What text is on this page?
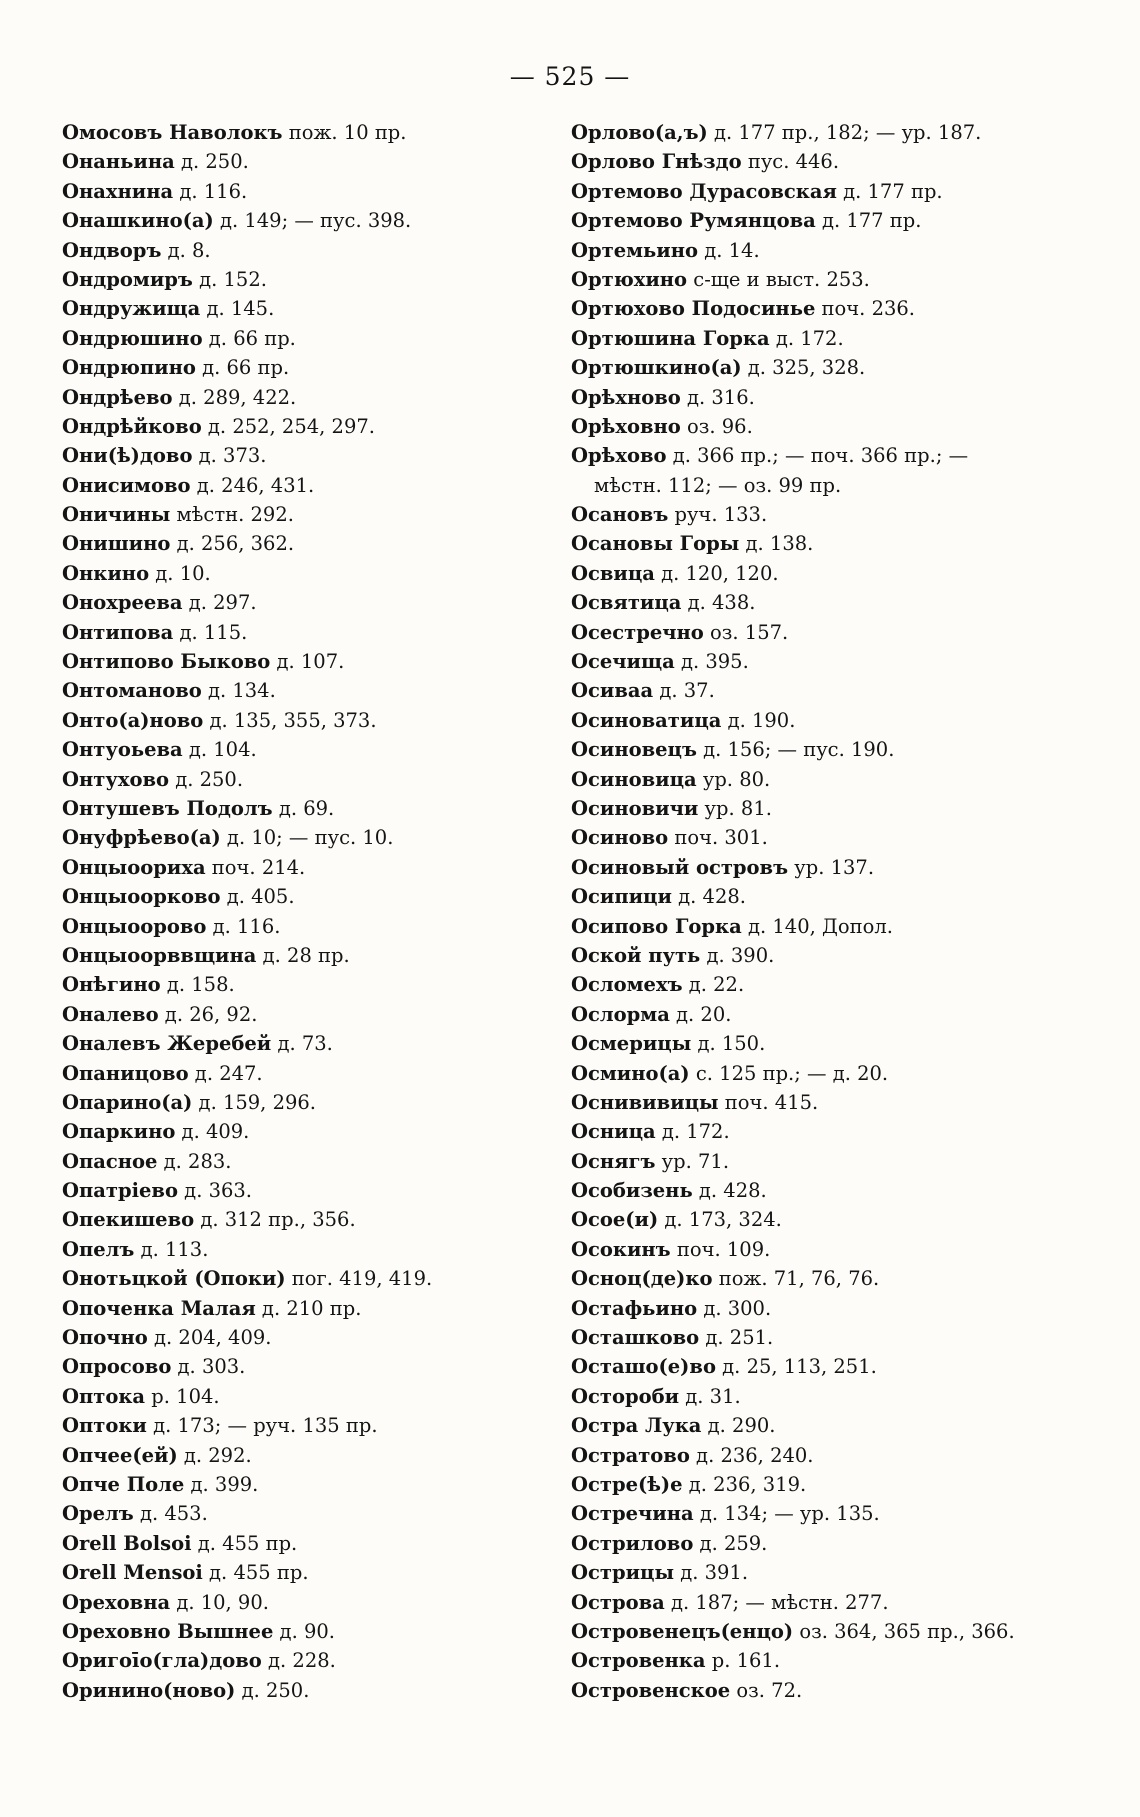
— 525 —
Омосовъ Наволокъ пож. 10 пр.
Онаньина д. 250.
Онахнина д. 116.
Онашкино(а) д. 149; — пус. 398.
Ондворъ д. 8.
Ондромиръ д. 152.
Ондружища д. 145.
Ондрюшино д. 66 пр.
Ондрюпино д. 66 пр.
Ондрѣево д. 289, 422.
Ондрѣйково д. 252, 254, 297.
Они(ѣ)дово д. 373.
Онисимово д. 246, 431.
Оничины мѣстн. 292.
Онишино д. 256, 362.
Онкино д. 10.
Онохреева д. 297.
Онтипова д. 115.
Онтипово Быково д. 107.
Онтоманово д. 134.
Онто(а)ново д. 135, 355, 373.
Онтуоьева д. 104.
Онтухово д. 250.
Онтушевъ Подолъ д. 69.
Онуфрѣево(а) д. 10; — пус. 10.
Онцыоориха поч. 214.
Онцыоорково д. 405.
Онцыоорово д. 116.
Онцыоорввщина д. 28 пр.
Онѣгино д. 158.
Оналево д. 26, 92.
Оналевъ Жеребей д. 73.
Опаницово д. 247.
Опарино(а) д. 159, 296.
Опаркино д. 409.
Опасное д. 283.
Опатріево д. 363.
Опекишево д. 312 пр., 356.
Опелъ д. 113.
Онотьцкой (Опоки) пог. 419, 419.
Опоченка Малая д. 210 пр.
Опочно д. 204, 409.
Опросово д. 303.
Оптока р. 104.
Оптоки д. 173; — руч. 135 пр.
Опчее(ей) д. 292.
Опче Поле д. 399.
Орелъ д. 453.
Orell Bolsoi д. 455 пр.
Orell Mensoi д. 455 пр.
Ореховна д. 10, 90.
Ореховно Вышнее д. 90.
Оригоīо(гла)дово д. 228.
Оринино(ново) д. 250.
Орлово(а,ъ) д. 177 пр., 182; — ур. 187.
Орлово Гнѣздо пус. 446.
Ортемово Дурасовская д. 177 пр.
Ортемово Румянцова д. 177 пр.
Ортемьино д. 14.
Ортюхино с-ще и выст. 253.
Ортюхово Подосинье поч. 236.
Ортюшина Горка д. 172.
Ортюшкино(а) д. 325, 328.
Орѣхново д. 316.
Орѣховно оз. 96.
Орѣхово д. 366 пр.; — поч. 366 пр.; —
мѣстн. 112; — оз. 99 пр.
Осановъ руч. 133.
Осановы Горы д. 138.
Освица д. 120, 120.
Освятица д. 438.
Осестречно оз. 157.
Осечища д. 395.
Осиваа д. 37.
Осиноватица д. 190.
Осиновецъ д. 156; — пус. 190.
Осиновица ур. 80.
Осиновичи ур. 81.
Осиново поч. 301.
Осиновый островъ ур. 137.
Осипици д. 428.
Осипово Горка д. 140, Допол.
Оской путь д. 390.
Осломехъ д. 22.
Ослорма д. 20.
Осмерицы д. 150.
Осмино(а) с. 125 пр.; — д. 20.
Оснививицы поч. 415.
Осница д. 172.
Оснягъ ур. 71.
Особизень д. 428.
Осое(и) д. 173, 324.
Осокинъ поч. 109.
Осноц(дe)ко пож. 71, 76, 76.
Остафьино д. 300.
Осташково д. 251.
Осташо(е)во д. 25, 113, 251.
Остороби д. 31.
Остра Лука д. 290.
Остратово д. 236, 240.
Остре(ѣ)е д. 236, 319.
Остречина д. 134; — ур. 135.
Острилово д. 259.
Острицы д. 391.
Острова д. 187; — мѣстн. 277.
Островенецъ(енцо) оз. 364, 365 пр., 366.
Островенка р. 161.
Островенское оз. 72.
